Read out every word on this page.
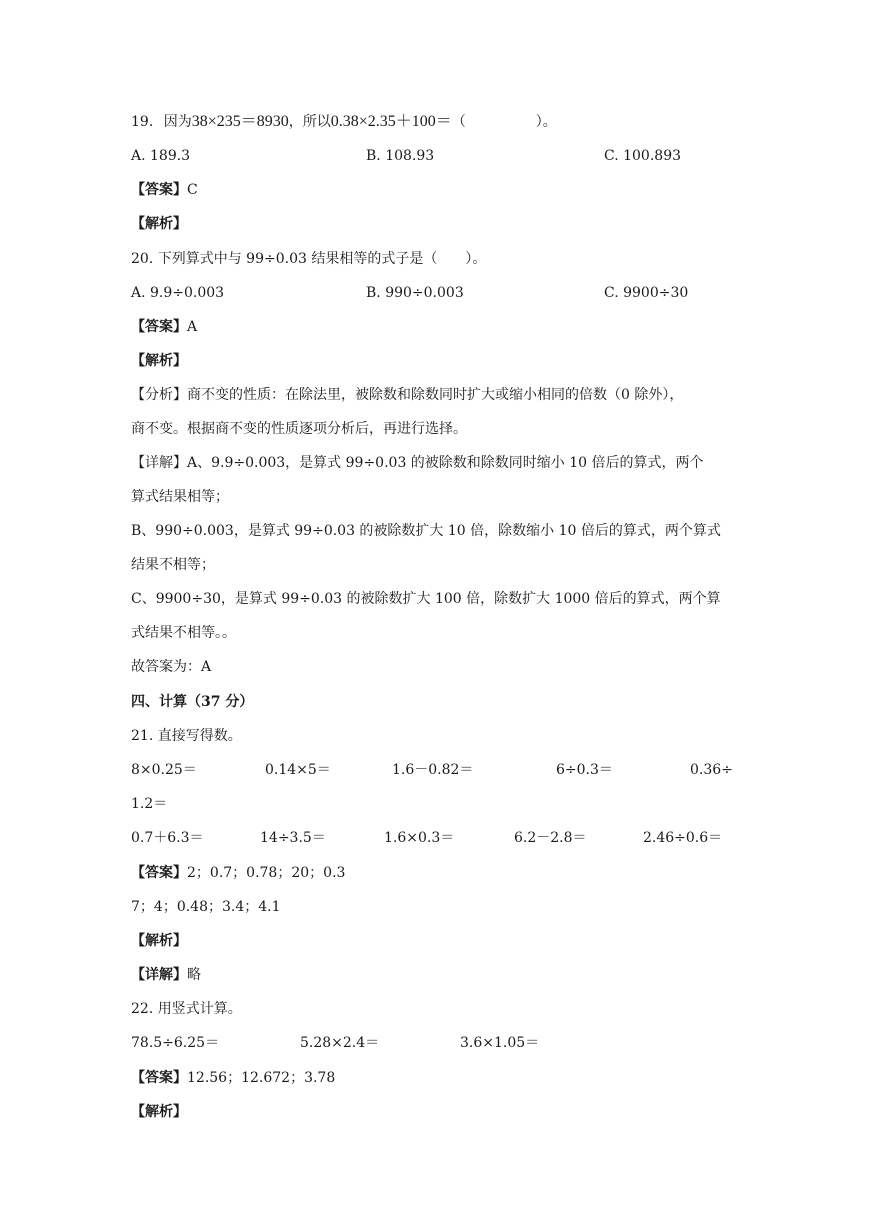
19. 因为38×235＝8930，所以0.38×2.35＋100＝（　　　　　）。
A. 189.3	B. 108.93	C. 100.893
【答案】C
【解析】
20. 下列算式中与 99÷0.03 结果相等的式子是（　　）。
A. 9.9÷0.003	B. 990÷0.003	C. 9900÷30
【答案】A
【解析】
【分析】商不变的性质：在除法里，被除数和除数同时扩大或缩小相同的倍数（0 除外），
商不变。根据商不变的性质逐项分析后，再进行选择。
【详解】A、9.9÷0.003，是算式 99÷0.03 的被除数和除数同时缩小 10 倍后的算式，两个
算式结果相等；
B、990÷0.003，是算式 99÷0.03 的被除数扩大 10 倍，除数缩小 10 倍后的算式，两个算式
结果不相等；
C、9900÷30，是算式 99÷0.03 的被除数扩大 100 倍，除数扩大 1000 倍后的算式，两个算
式结果不相等。。
故答案为：A
四、计算（37 分）
21. 直接写得数。
8×0.25＝	0.14×5＝	1.6－0.82＝	6÷0.3＝	0.36÷
1.2＝
0.7＋6.3＝	14÷3.5＝	1.6×0.3＝	6.2－2.8＝	2.46÷0.6＝
【答案】2；0.7；0.78；20；0.3
7；4；0.48；3.4；4.1
【解析】
【详解】略
22. 用竖式计算。
78.5÷6.25＝	5.28×2.4＝	3.6×1.05＝
【答案】12.56；12.672；3.78
【解析】
